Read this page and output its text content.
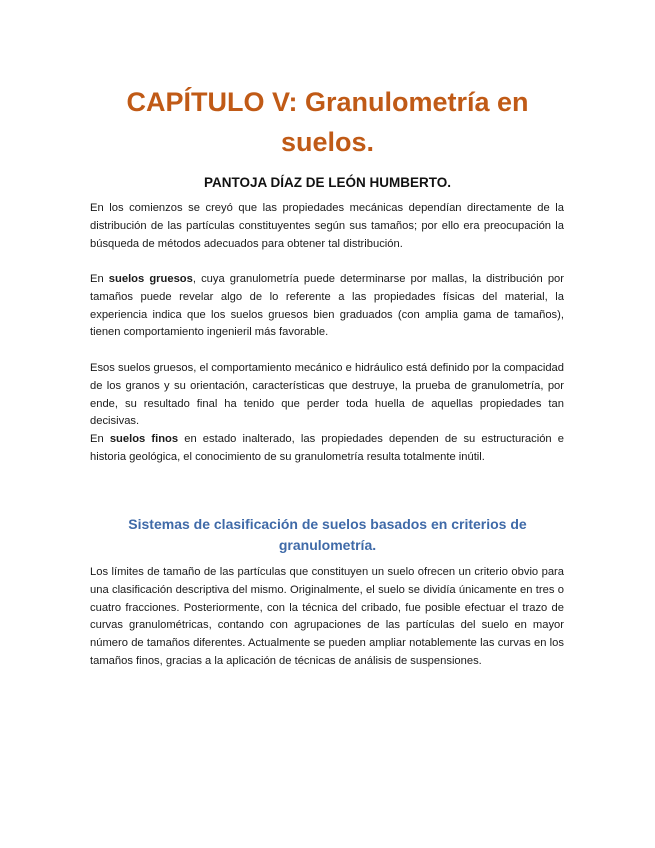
CAPÍTULO V: Granulometría en suelos.

PANTOJA DÍAZ DE LEÓN HUMBERTO.

En los comienzos se creyó que las propiedades mecánicas dependían directamente de la distribución de las partículas constituyentes según sus tamaños; por ello era preocupación la búsqueda de métodos adecuados para obtener tal distribución.

En suelos gruesos, cuya granulometría puede determinarse por mallas, la distribución por tamaños puede revelar algo de lo referente a las propiedades físicas del material, la experiencia indica que los suelos gruesos bien graduados (con amplia gama de tamaños), tienen comportamiento ingenieril más favorable.

Esos suelos gruesos, el comportamiento mecánico e hidráulico está definido por la compacidad de los granos y su orientación, características que destruye, la prueba de granulometría, por ende, su resultado final ha tenido que perder toda huella de aquellas propiedades tan decisivas.

En suelos finos en estado inalterado, las propiedades dependen de su estructuración e historia geológica, el conocimiento de su granulometría resulta totalmente inútil.

Sistemas de clasificación de suelos basados en criterios de granulometría.

Los límites de tamaño de las partículas que constituyen un suelo ofrecen un criterio obvio para una clasificación descriptiva del mismo. Originalmente, el suelo se dividía únicamente en tres o cuatro fracciones. Posteriormente, con la técnica del cribado, fue posible efectuar el trazo de curvas granulométricas, contando con agrupaciones de las partículas del suelo en mayor número de tamaños diferentes. Actualmente se pueden ampliar notablemente las curvas en los tamaños finos, gracias a la aplicación de técnicas de análisis de suspensiones.
